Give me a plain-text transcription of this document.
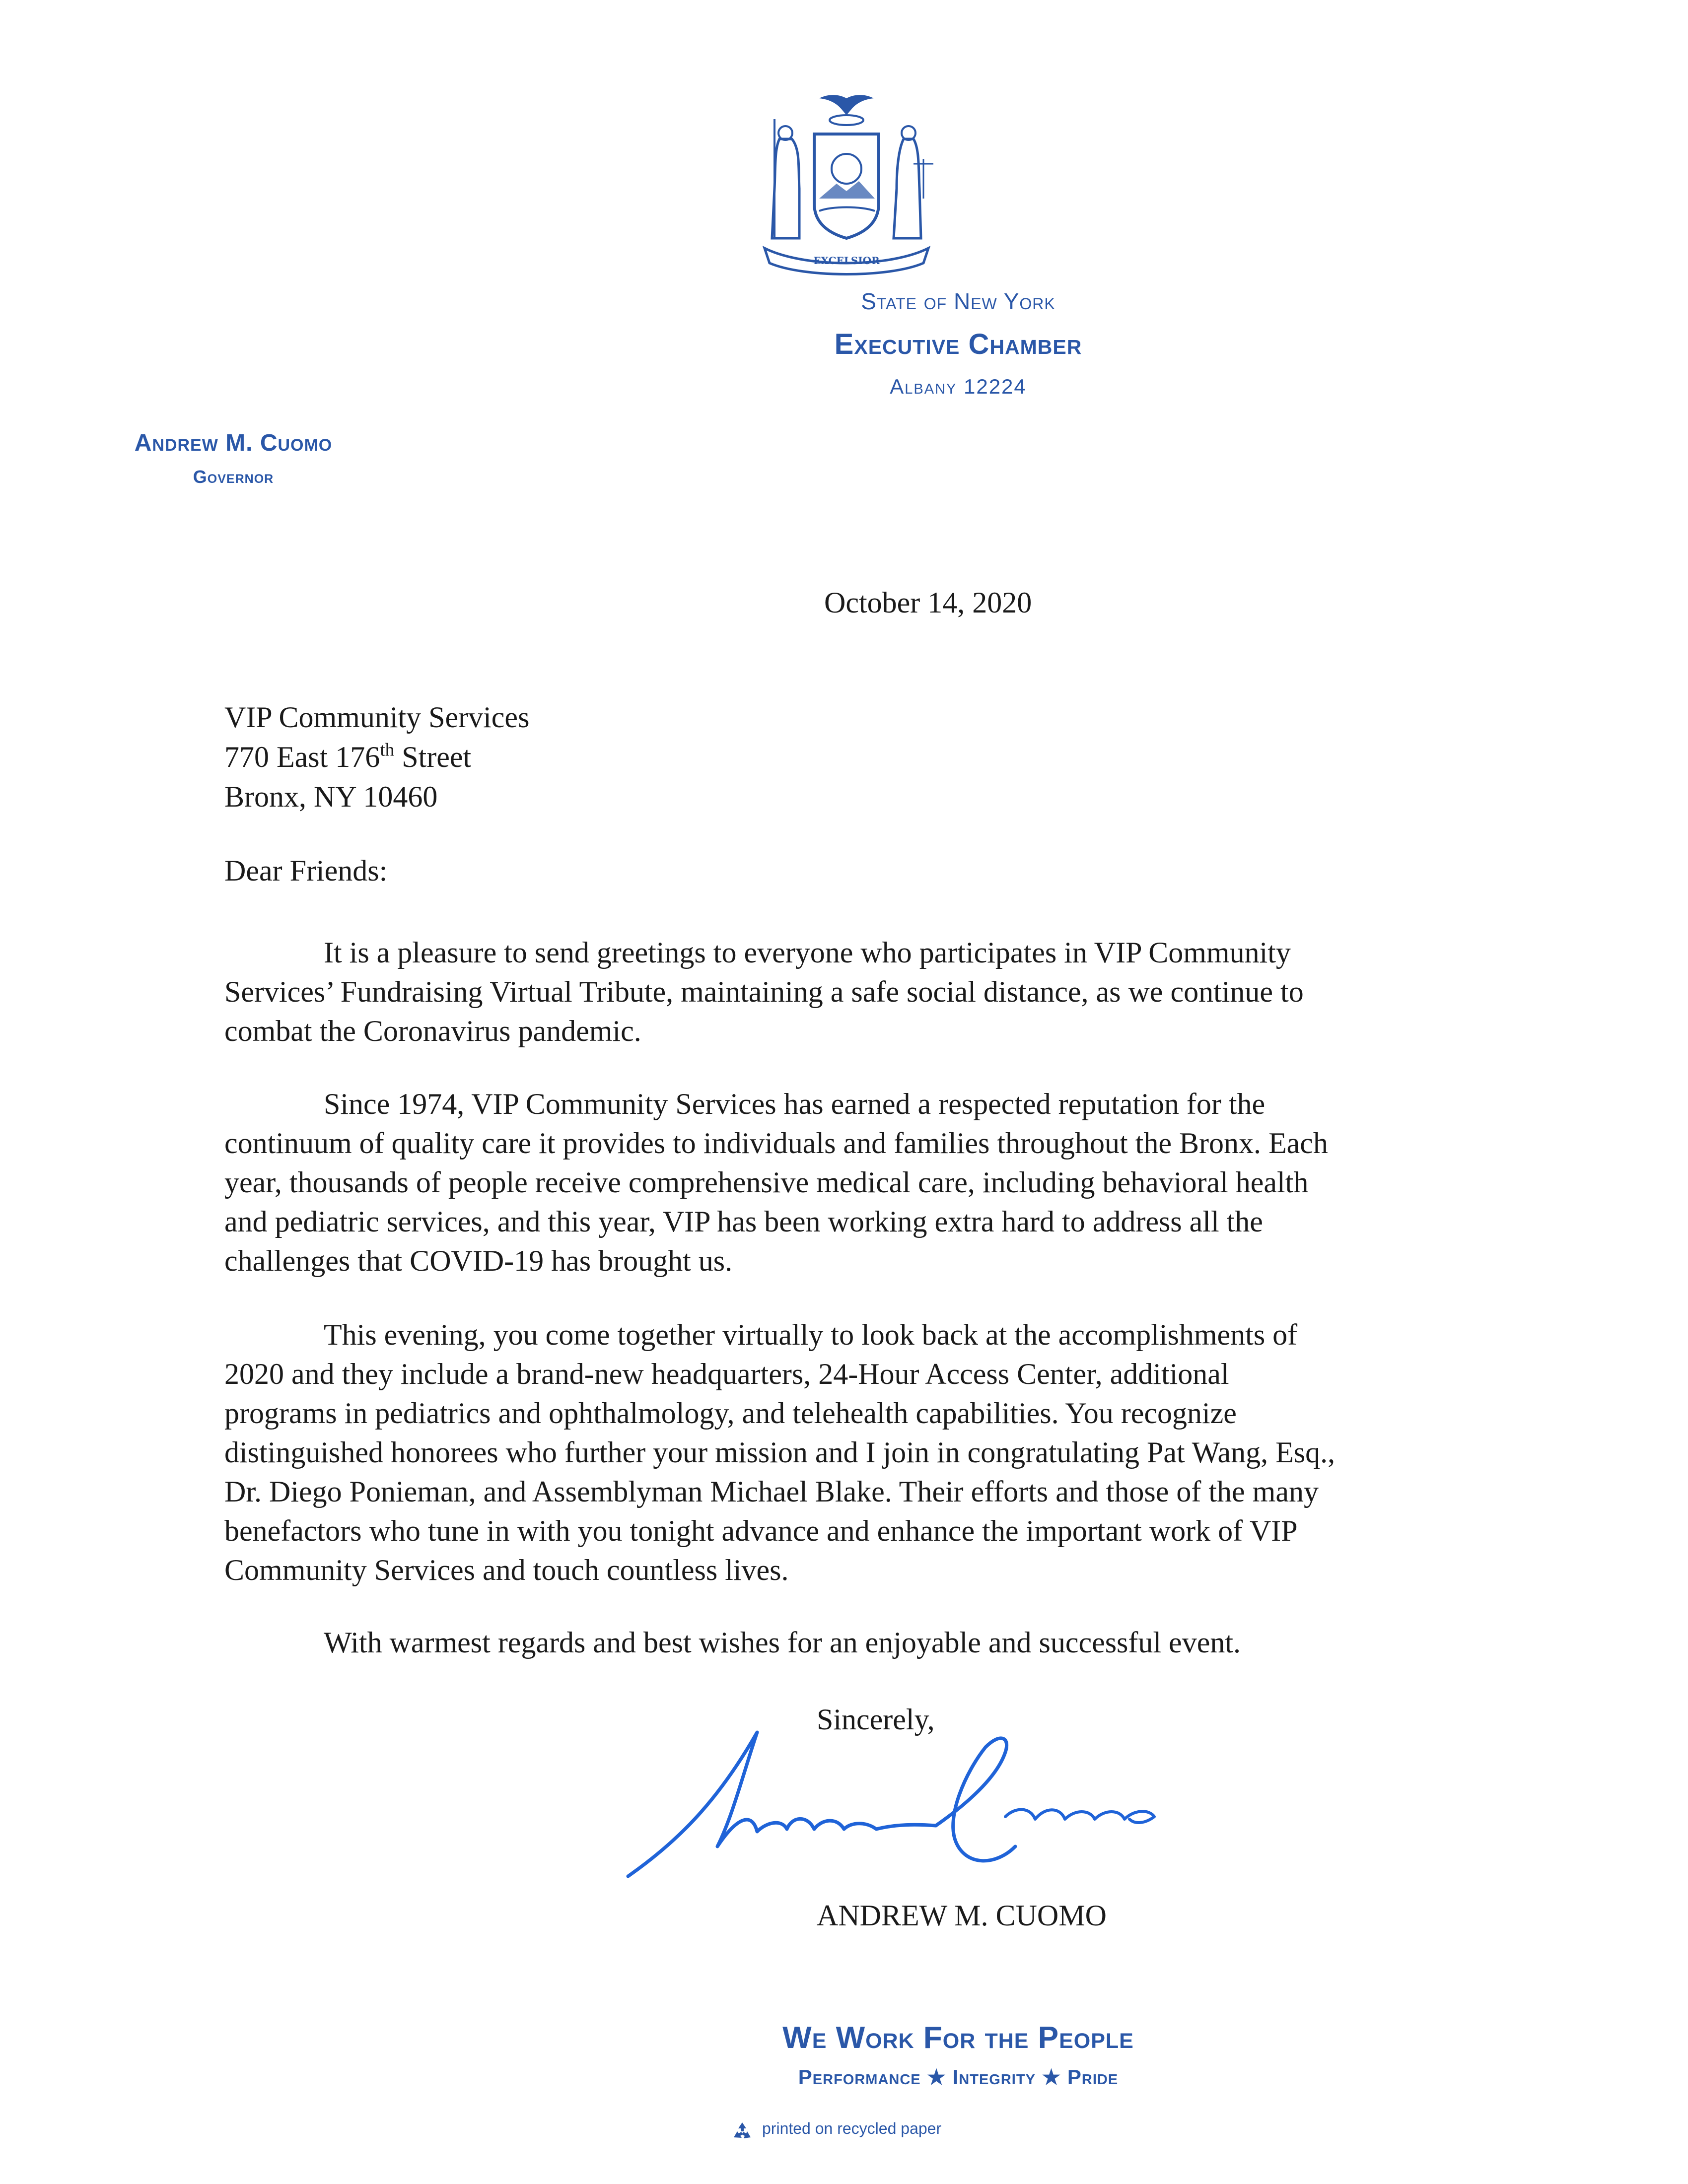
EXCELSIOR
State of New York
Executive Chamber
Albany 12224
Andrew M. Cuomo
Governor
October 14, 2020
VIP Community Services
770 East 176th Street
Bronx, NY 10460
Dear Friends:
It is a pleasure to send greetings to everyone who participates in VIP Community
Services’ Fundraising Virtual Tribute, maintaining a safe social distance, as we continue to
combat the Coronavirus pandemic.
Since 1974, VIP Community Services has earned a respected reputation for the
continuum of quality care it provides to individuals and families throughout the Bronx. Each
year, thousands of people receive comprehensive medical care, including behavioral health
and pediatric services, and this year, VIP has been working extra hard to address all the
challenges that COVID-19 has brought us.
This evening, you come together virtually to look back at the accomplishments of
2020 and they include a brand-new headquarters, 24-Hour Access Center, additional
programs in pediatrics and ophthalmology, and telehealth capabilities. You recognize
distinguished honorees who further your mission and I join in congratulating Pat Wang, Esq.,
Dr. Diego Ponieman, and Assemblyman Michael Blake. Their efforts and those of the many
benefactors who tune in with you tonight advance and enhance the important work of VIP
Community Services and touch countless lives.
With warmest regards and best wishes for an enjoyable and successful event.
Sincerely,
ANDREW M. CUOMO
We Work For the People
Performance ★ Integrity ★ Pride
printed on recycled paper
